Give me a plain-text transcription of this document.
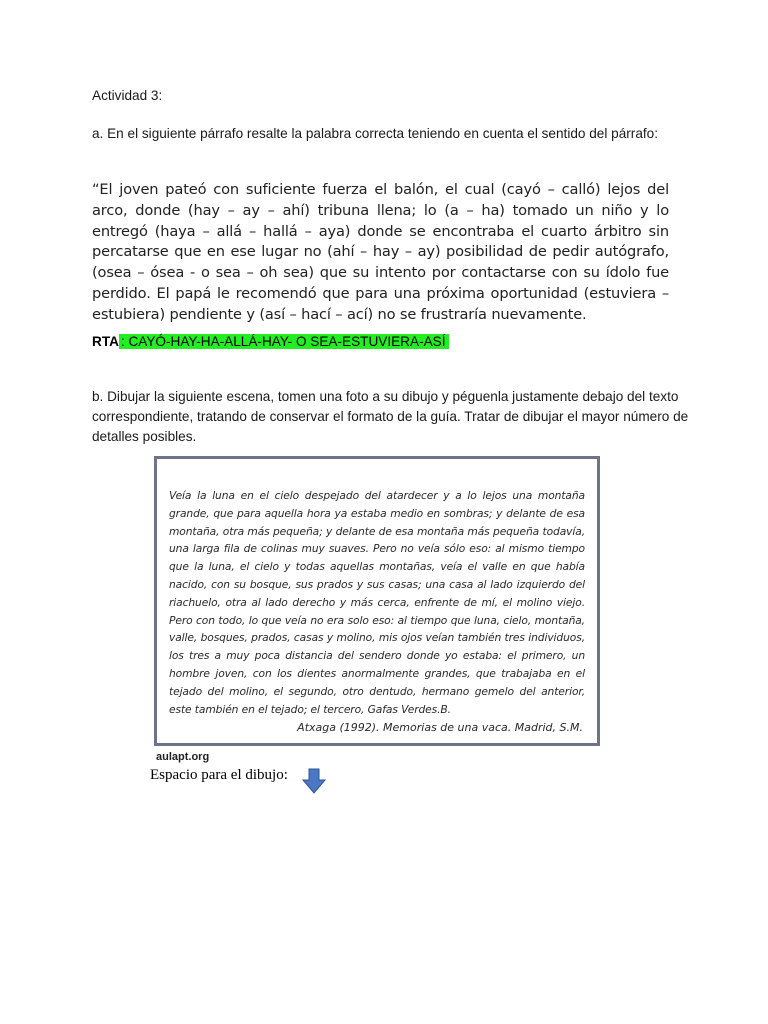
Actividad 3:
a. En el siguiente párrafo resalte la palabra correcta teniendo en cuenta el sentido del párrafo:
“El joven pateó con suficiente fuerza el balón, el cual (cayó – calló) lejos del arco, donde (hay – ay – ahí) tribuna llena; lo (a – ha) tomado un niño y lo entregó (haya – allá – hallá – aya) donde se encontraba el cuarto árbitro sin percatarse que en ese lugar no (ahí – hay – ay) posibilidad de pedir autógrafo, (osea – ósea - o sea – oh sea) que su intento por contactarse con su ídolo fue perdido. El papá le recomendó que para una próxima oportunidad (estuviera – estubiera) pendiente y (así – hací – ací) no se frustraría nuevamente.
RTA : CAYÓ-HAY-HA-ALLÁ-HAY- O SEA-ESTUVIERA-ASÍ
b. Dibujar la siguiente escena, tomen una foto a su dibujo y péguenla justamente debajo del texto correspondiente, tratando de conservar el formato de la guía. Tratar de dibujar el mayor número de detalles posibles.
Veía la luna en el cielo despejado del atardecer y a lo lejos una montaña grande, que para aquella hora ya estaba medio en sombras; y delante de esa montaña, otra más pequeña; y delante de esa montaña más pequeña todavía, una larga fila de colinas muy suaves. Pero no veía sólo eso: al mismo tiempo que la luna, el cielo y todas aquellas montañas, veía el valle en que había nacido, con su bosque, sus prados y sus casas; una casa al lado izquierdo del riachuelo, otra al lado derecho y más cerca, enfrente de mí, el molino viejo. Pero con todo, lo que veía no era solo eso: al tiempo que luna, cielo, montaña, valle, bosques, prados, casas y molino, mis ojos veían también tres individuos, los tres a muy poca distancia del sendero donde yo estaba: el primero, un hombre joven, con los dientes anormalmente grandes, que trabajaba en el tejado del molino, el segundo, otro dentudo, hermano gemelo del anterior, este también en el tejado; el tercero, Gafas Verdes.B.
Atxaga (1992). Memorias de una vaca. Madrid, S.M.
aulapt.org
Espacio para el dibujo:
